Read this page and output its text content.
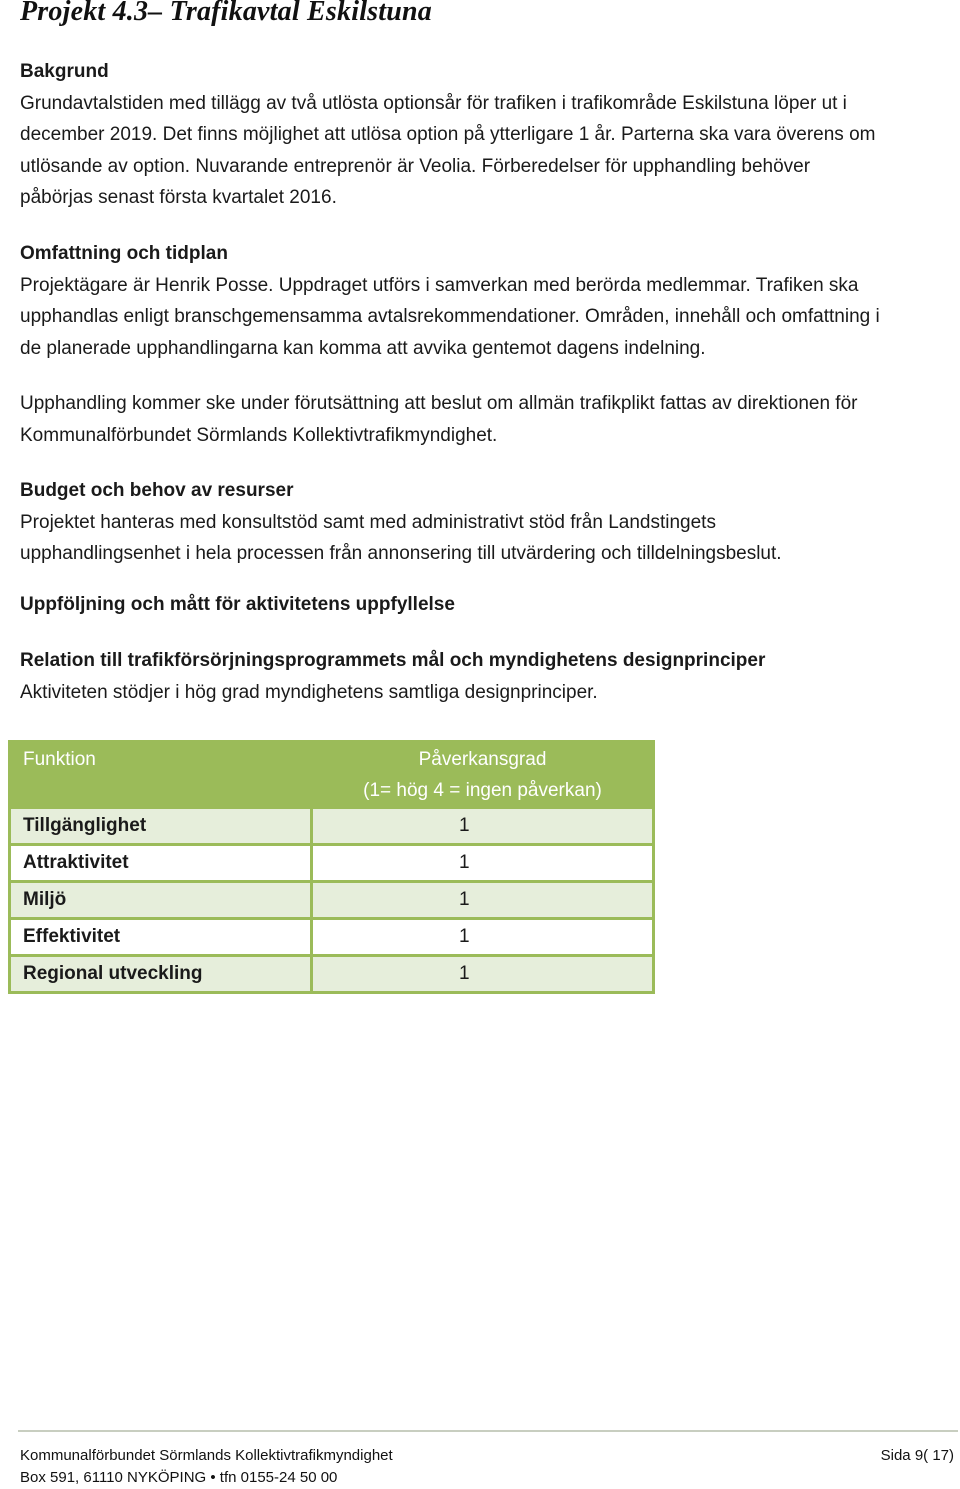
Projekt 4.3– Trafikavtal Eskilstuna
Bakgrund
Grundavtalstiden med tillägg av två utlösta optionsår för trafiken i trafikområde Eskilstuna löper ut i
december 2019. Det finns möjlighet att utlösa option på ytterligare 1 år. Parterna ska vara överens om
utlösande av option. Nuvarande entreprenör är Veolia. Förberedelser för upphandling behöver
påbörjas senast första kvartalet 2016.
Omfattning och tidplan
Projektägare är Henrik Posse. Uppdraget utförs i samverkan med berörda medlemmar. Trafiken ska
upphandlas enligt branschgemensamma avtalsrekommendationer. Områden, innehåll och omfattning i
de planerade upphandlingarna kan komma att avvika gentemot dagens indelning.
Upphandling kommer ske under förutsättning att beslut om allmän trafikplikt fattas av direktionen för
Kommunalförbundet Sörmlands Kollektivtrafikmyndighet.
Budget och behov av resurser
Projektet hanteras med konsultstöd samt med administrativt stöd från Landstingets
upphandlingsenhet i hela processen från annonsering till utvärdering och tilldelningsbeslut.
Uppföljning och mått för aktivitetens uppfyllelse
Relation till trafikförsörjningsprogrammets mål och myndighetens designprinciper
Aktiviteten stödjer i hög grad myndighetens samtliga designprinciper.
Funktion	Påverkansgrad
(1= hög 4 = ingen påverkan)
Tillgänglighet	1
Attraktivitet	1
Miljö	1
Effektivitet	1
Regional utveckling	1
Kommunalförbundet Sörmlands Kollektivtrafikmyndighet
Box 591, 61110 NYKÖPING • tfn 0155-24 50 00
Sida 9( 17)
